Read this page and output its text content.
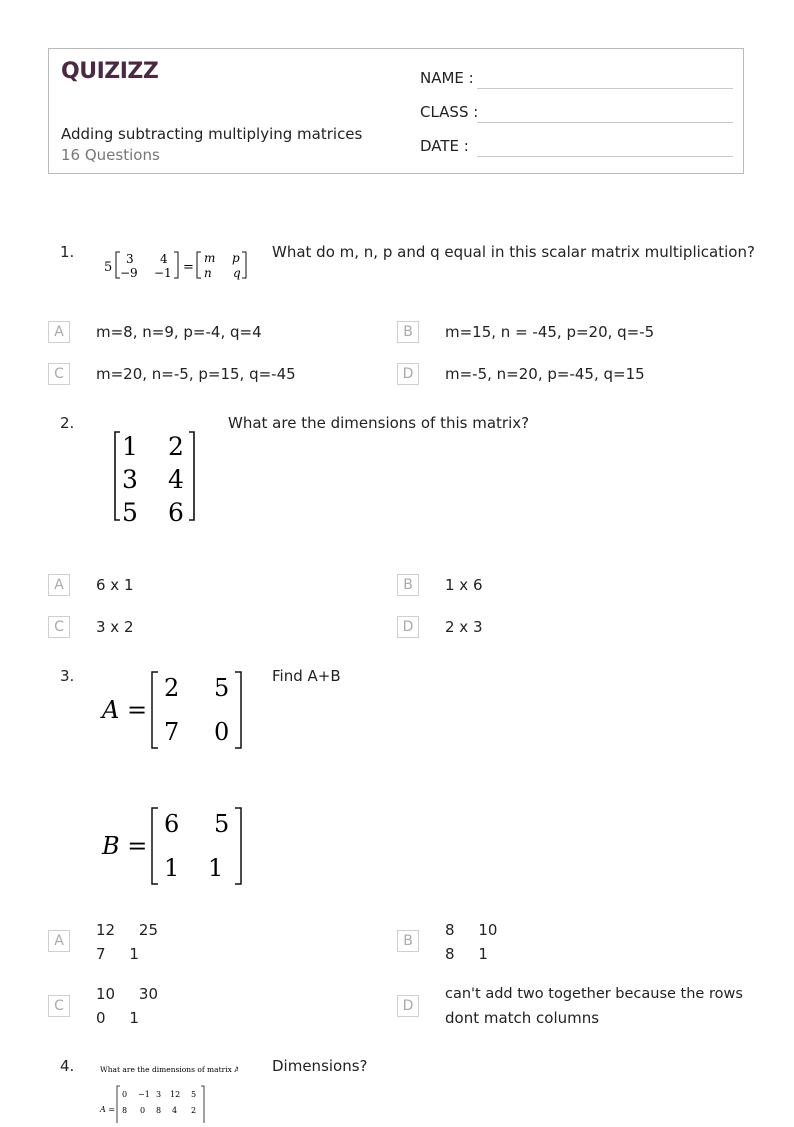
QUIZIZZ
Adding subtracting multiplying matrices
16 Questions
NAME :
CLASS :
DATE :
1.
5
3 4
−9 −1 =
m p
n q
What do m, n, p and q equal in this scalar matrix multiplication?
A	m=8, n=9, p=-4, q=4	B	m=15, n = -45, p=20, q=-5
C	m=20, n=-5, p=15, q=-45	D	m=-5, n=20, p=-45, q=15
2.
1 2
3 4
5 6
What are the dimensions of this matrix?
A	6 x 1	B	1 x 6
C	3 x 2	D	2 x 3
3.
A =
2 5
7 0
B =
6 5
1 1
Find A+B
A
12     25
7     1
B
8     10
8     1
C
10     30
0     1
D
can't add two together because the rows
dont match columns
4.	What are the dimensions of matrix A?
A =
0 −1 3 12 5
8 0 8 4 2
Dimensions?
